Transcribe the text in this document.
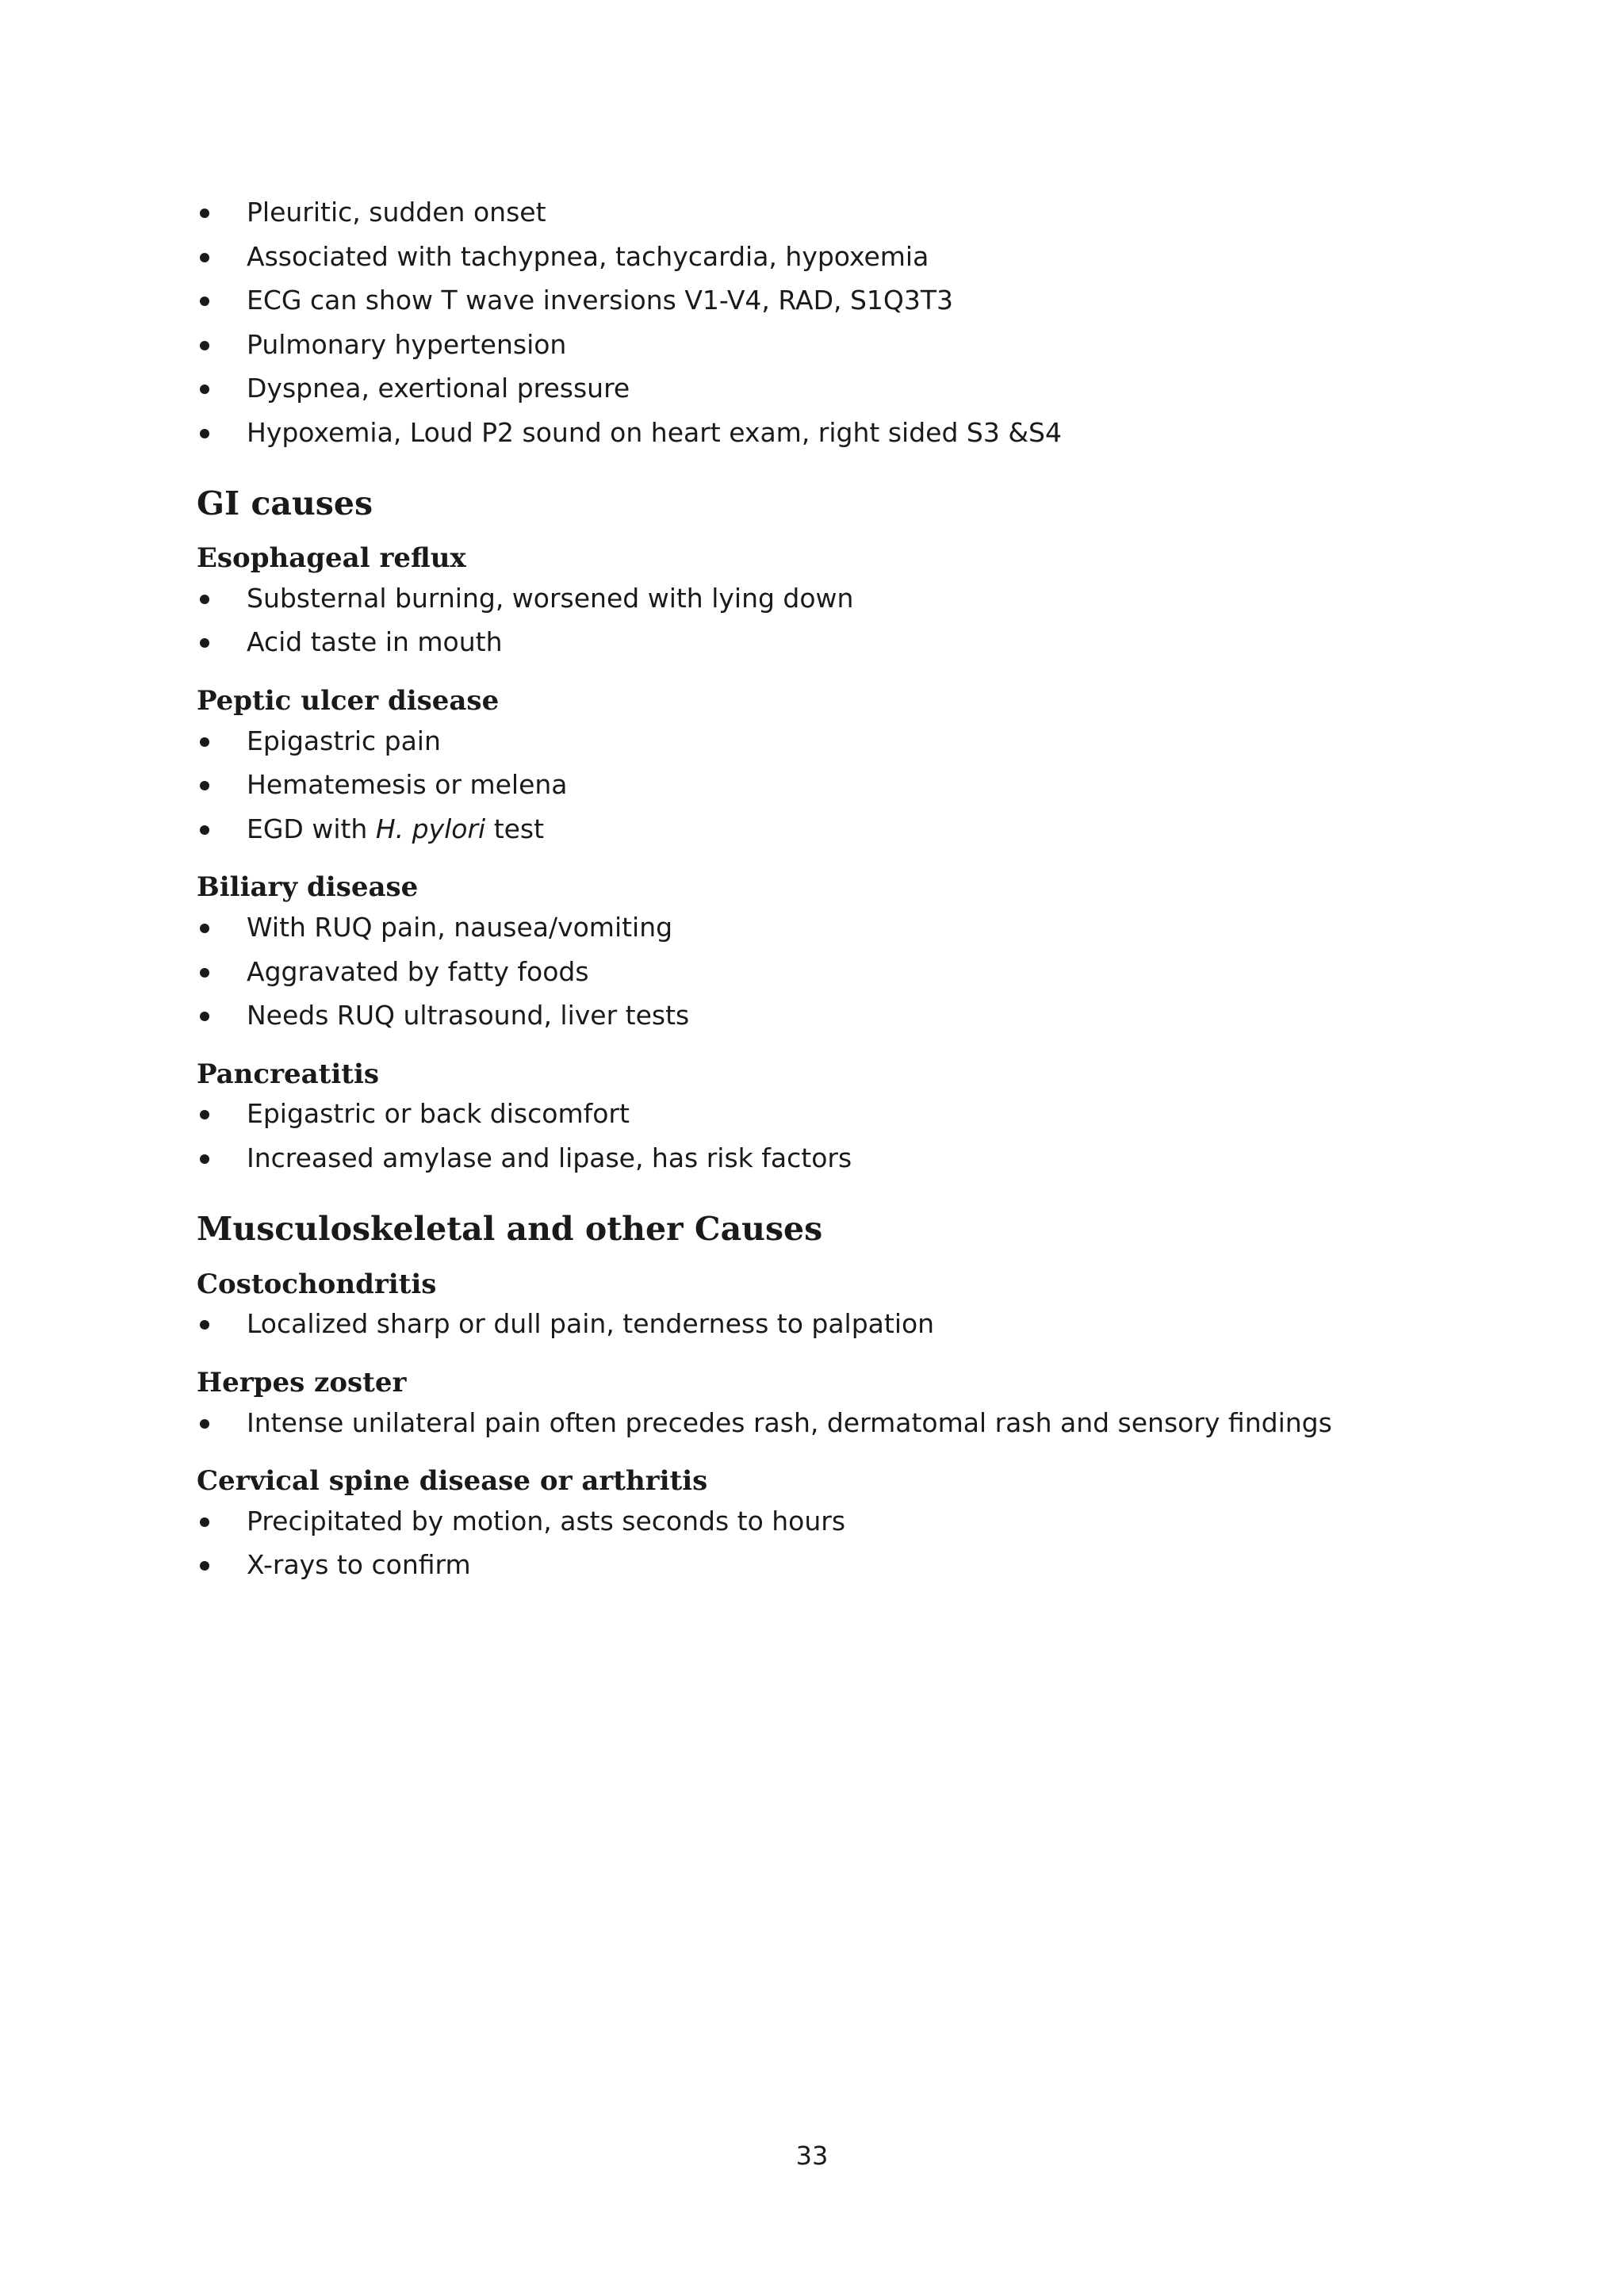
Pleuritic, sudden onset
Associated with tachypnea, tachycardia, hypoxemia
ECG can show T wave inversions V1-V4, RAD, S1Q3T3
Pulmonary hypertension
Dyspnea, exertional pressure
Hypoxemia, Loud P2 sound on heart exam, right sided S3 &S4
GI causes
Esophageal reflux
Substernal burning, worsened with lying down
Acid taste in mouth
Peptic ulcer disease
Epigastric pain
Hematemesis or melena
EGD with H. pylori test
Biliary disease
With RUQ pain, nausea/vomiting
Aggravated by fatty foods
Needs RUQ ultrasound, liver tests
Pancreatitis
Epigastric or back discomfort
Increased amylase and lipase, has risk factors
Musculoskeletal and other Causes
Costochondritis
Localized sharp or dull pain, tenderness to palpation
Herpes zoster
Intense unilateral pain often precedes rash, dermatomal rash and sensory findings
Cervical spine disease or arthritis
Precipitated by motion, asts seconds to hours
X-rays to confirm
33
